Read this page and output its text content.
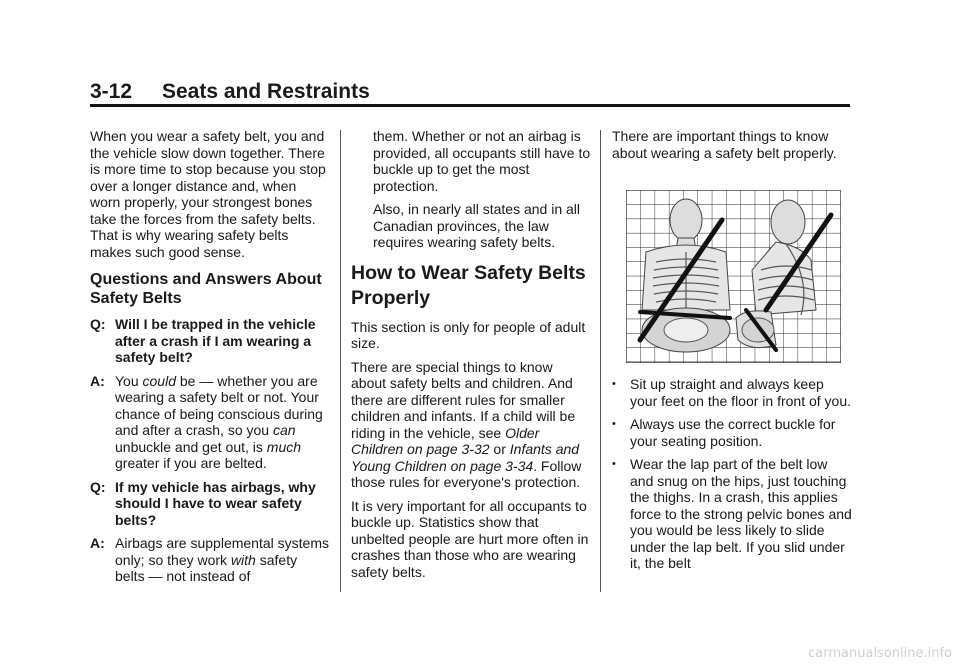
3-12 Seats and Restraints

When you wear a safety belt, you and the vehicle slow down together. There is more time to stop because you stop over a longer distance and, when worn properly, your strongest bones take the forces from the safety belts. That is why wearing safety belts makes such good sense.

Questions and Answers About Safety Belts
Q: Will I be trapped in the vehicle after a crash if I am wearing a safety belt?
A: You could be — whether you are wearing a safety belt or not. Your chance of being conscious during and after a crash, so you can unbuckle and get out, is much greater if you are belted.
Q: If my vehicle has airbags, why should I have to wear safety belts?
A: Airbags are supplemental systems only; so they work with safety belts — not instead of

them. Whether or not an airbag is provided, all occupants still have to buckle up to get the most protection.

Also, in nearly all states and in all Canadian provinces, the law requires wearing safety belts.

How to Wear Safety Belts Properly

This section is only for people of adult size.

There are special things to know about safety belts and children. And there are different rules for smaller children and infants. If a child will be riding in the vehicle, see Older Children on page 3-32 or Infants and Young Children on page 3-34. Follow those rules for everyone's protection.

It is very important for all occupants to buckle up. Statistics show that unbelted people are hurt more often in crashes than those who are wearing safety belts.

There are important things to know about wearing a safety belt properly.

•	Sit up straight and always keep your feet on the floor in front of you.
•	Always use the correct buckle for your seating position.
•	Wear the lap part of the belt low and snug on the hips, just touching the thighs. In a crash, this applies force to the strong pelvic bones and you would be less likely to slide under the lap belt. If you slid under it, the belt
carmanualsonline.info
